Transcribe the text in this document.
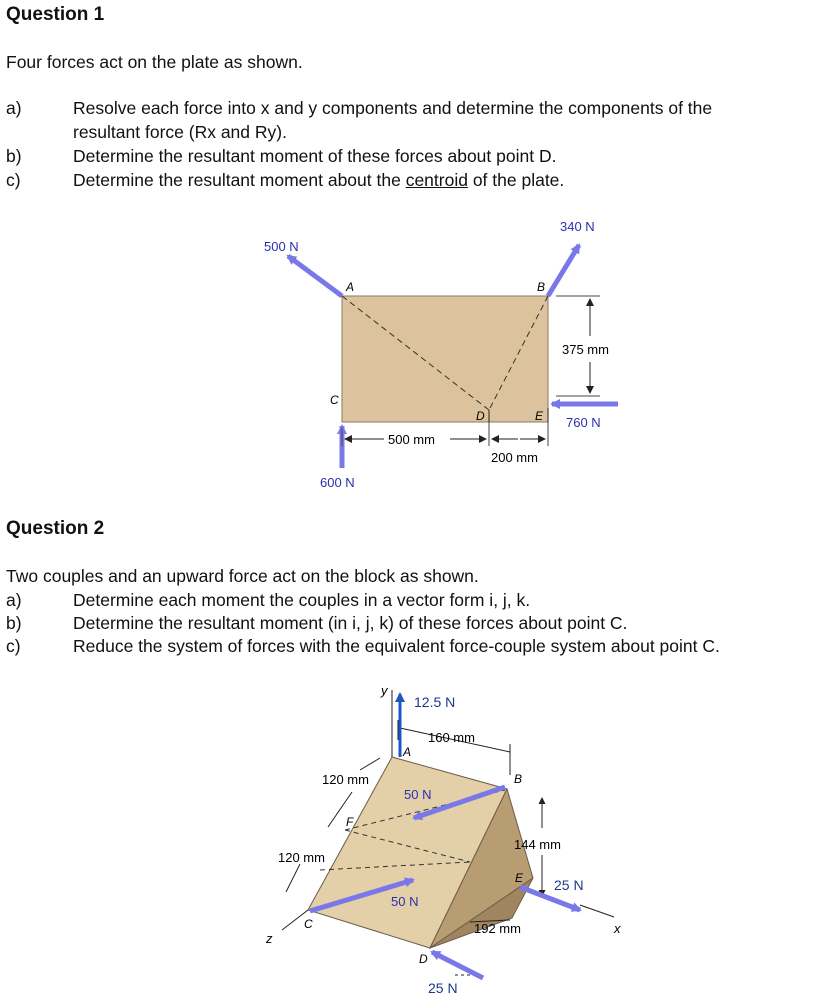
Question 1
Four forces act on the plate as shown.
a)	Resolve each force into x and y components and determine the components of the
resultant force (Rx and Ry).
b)	Determine the resultant moment of these forces about point D.
c)	Determine the resultant moment about the centroid of the plate.
500 N
340 N
760 N
600 N
A	B
C
D	E
500 mm
200 mm
375 mm
Question 2
Two couples and an upward force act on the block as shown.
a)	Determine each moment the couples in a vector form i, j, k.
b)	Determine the resultant moment (in i, j, k) of these forces about point C.
c)	Reduce the system of forces with the equivalent force-couple system about point C.
y
x
z
12.5 N
50 N
50 N
25 N
25 N
A
B
C
D
E
F
160 mm
120 mm
120 mm
144 mm
192 mm
